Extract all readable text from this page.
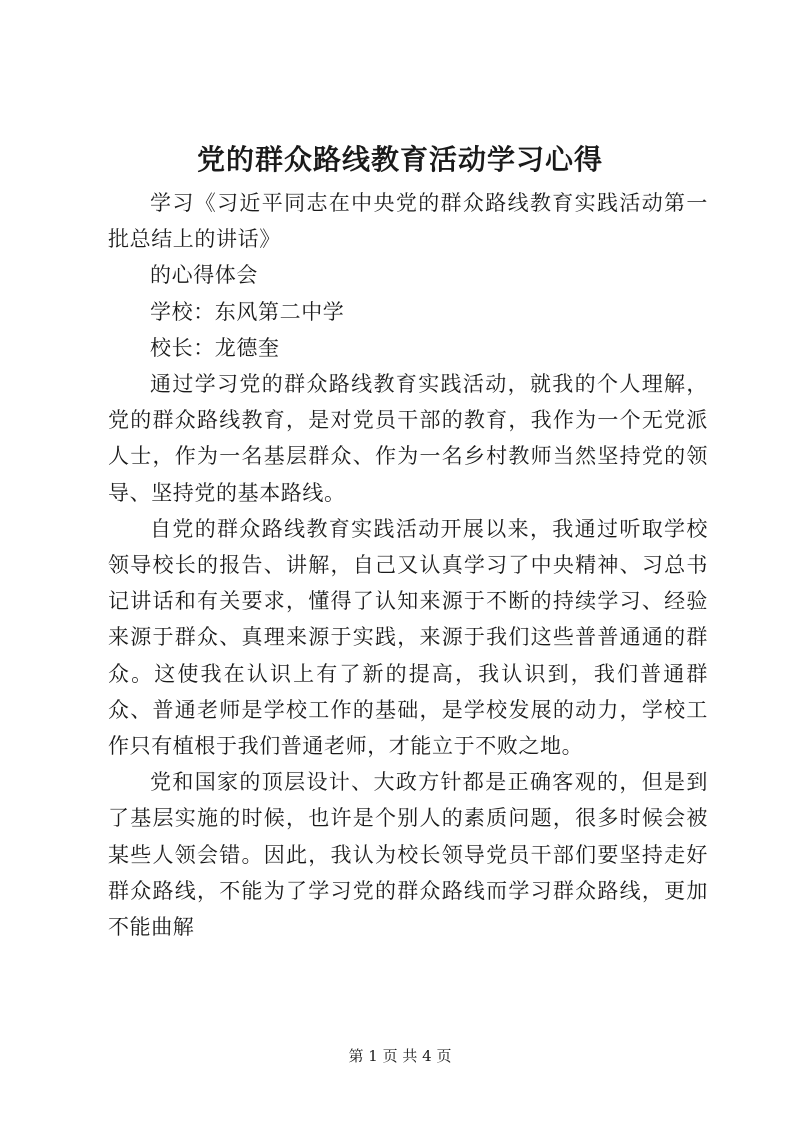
党的群众路线教育活动学习心得

学习《习近平同志在中央党的群众路线教育实践活动第一批总结上的讲话》

的心得体会

学校：东风第二中学

校长：龙德奎

通过学习党的群众路线教育实践活动，就我的个人理解，党的群众路线教育，是对党员干部的教育，我作为一个无党派人士，作为一名基层群众、作为一名乡村教师当然坚持党的领导、坚持党的基本路线。

自党的群众路线教育实践活动开展以来，我通过听取学校领导校长的报告、讲解，自己又认真学习了中央精神、习总书记讲话和有关要求，懂得了认知来源于不断的持续学习、经验来源于群众、真理来源于实践，来源于我们这些普普通通的群众。这使我在认识上有了新的提高，我认识到，我们普通群众、普通老师是学校工作的基础，是学校发展的动力，学校工作只有植根于我们普通老师，才能立于不败之地。

党和国家的顶层设计、大政方针都是正确客观的，但是到了基层实施的时候，也许是个别人的素质问题，很多时候会被某些人领会错。因此，我认为校长领导党员干部们要坚持走好群众路线，不能为了学习党的群众路线而学习群众路线，更加不能曲解

第 1 页 共 4 页
